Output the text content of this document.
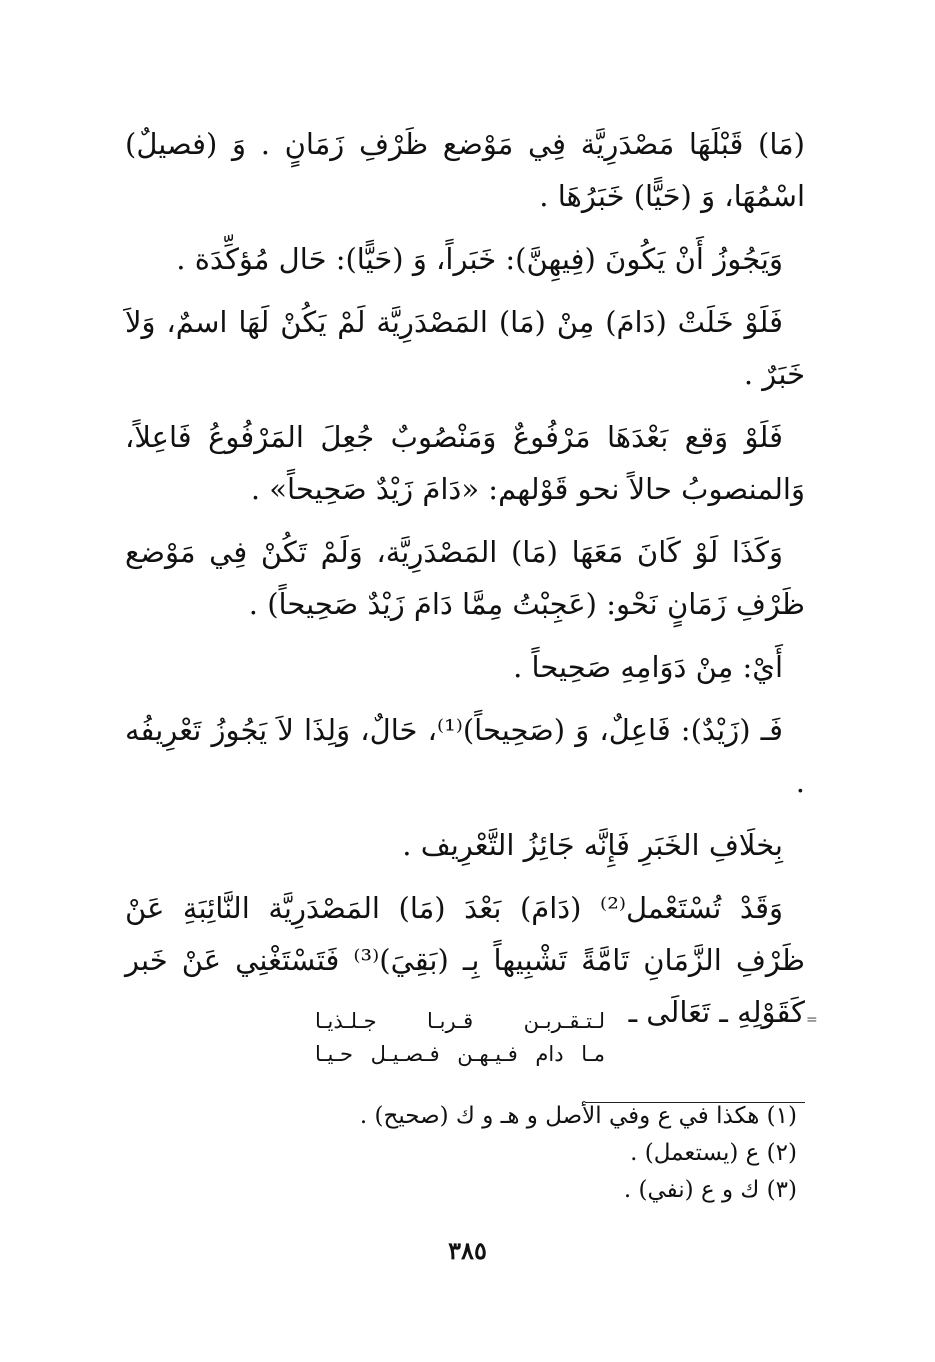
(مَا) قَبْلَهَا مَصْدَرِيَّة فِي مَوْضع ظَرْفِ زَمَانٍ . وَ (فصيلٌ) اسْمُهَا، وَ (حَيًّا) خَبَرُهَا .

وَيَجُوزُ أَنْ يَكُونَ (فِيهِنَّ): خَبَراً، وَ (حَيًّا): حَال مُؤكِّدَة .

فَلَوْ خَلَتْ (دَامَ) مِنْ (مَا) المَصْدَرِيَّة لَمْ يَكُنْ لَهَا اسمٌ، وَلاَ خَبَرٌ .

فَلَوْ وَقع بَعْدَهَا مَرْفُوعٌ وَمَنْصُوبٌ جُعِلَ المَرْفُوعُ فَاعِلاً، وَالمنصوبُ حالاً نحو قَوْلهم: «دَامَ زَيْدٌ صَحِيحاً» .

وَكَذَا لَوْ كَانَ مَعَهَا (مَا) المَصْدَرِيَّة، وَلَمْ تَكُنْ فِي مَوْضع ظَرْفِ زَمَانٍ نَحْو: (عَجِبْتُ مِمَّا دَامَ زَيْدٌ صَحِيحاً) .

أَيْ: مِنْ دَوَامِهِ صَحِيحاً .

فَـ (زَيْدٌ): فَاعِلٌ، وَ (صَحِيحاً)⁽¹⁾، حَالٌ، وَلِذَا لاَ يَجُوزُ تَعْرِيفُه .

بِخلَافِ الخَبَرِ فَإِنَّه جَائِزُ التَّعْرِيف .

وَقَدْ تُسْتَعْمل⁽²⁾ (دَامَ) بَعْدَ (مَا) المَصْدَرِيَّة النَّائِبَةِ عَنْ ظَرْفِ الزَّمَانِ تَامَّةً تَشْبِيهاً بِـ (بَقِيَ)⁽³⁾ فَتَسْتَغْنِي عَنْ خَبر كَقَوْلِهِ ـ تَعَالَى ـ =
لـتـقـربـن قـربـا جـلـذيـا
مـا دام فـيـهـن فـصـيـل حـيـا
(١) هكذا في ع وفي الأصل و هـ و ك (صحيح) .
(٢) ع (يستعمل) .
(٣) ك و ع (نفي) .
٣٨٥
